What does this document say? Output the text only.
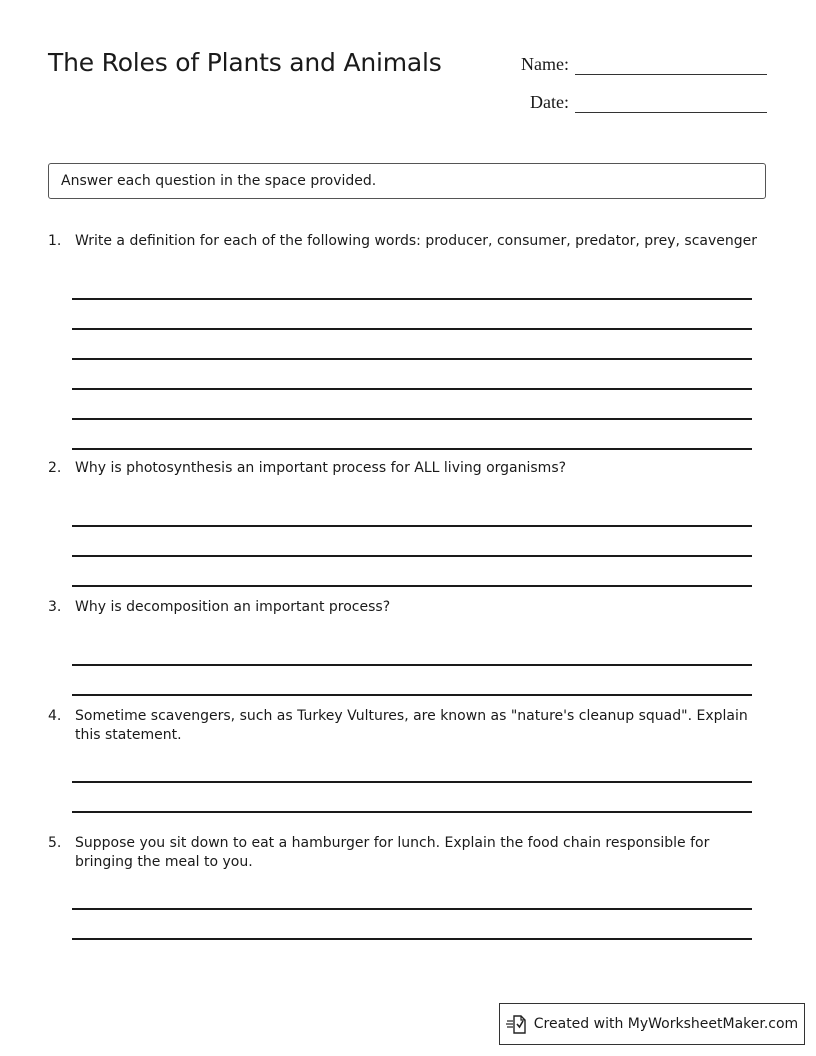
The Roles of Plants and Animals	Name:
Date:
Answer each question in the space provided.
1. Write a definition for each of the following words: producer, consumer, predator, prey, scavenger
2. Why is photosynthesis an important process for ALL living organisms?
3. Why is decomposition an important process?
4. Sometime scavengers, such as Turkey Vultures, are known as "nature's cleanup squad". Explain this statement.
5. Suppose you sit down to eat a hamburger for lunch. Explain the food chain responsible for bringing the meal to you.
Created with MyWorksheetMaker.com
